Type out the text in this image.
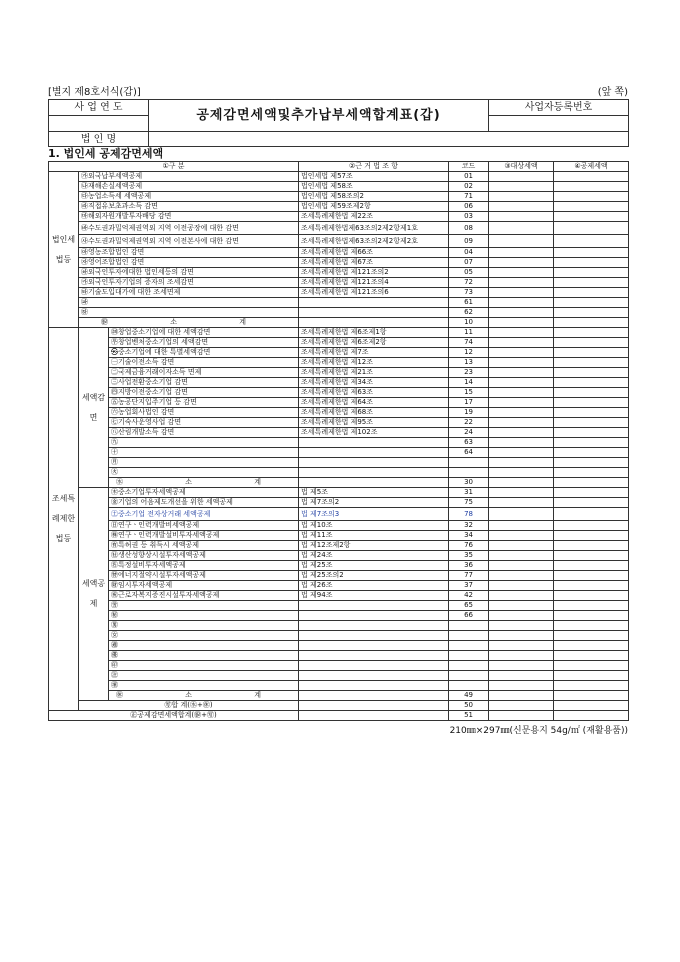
[별지 제8호서식(갑)]	(앞 쪽)
사 업 연 도	공제감면세액및추가납부세액합계표(갑)	사업자등록번호

법 인 명		
1. 법인세 공제감면세액
①구 분			②근 거 법 조 항	코드	③대상세액	④공제세액
법인세법등	㉮외국납부세액공제		법인세법 제57조	01		
	㉯재해손실세액공제		법인세법 제58조	02		
	㉰농업소득세 세액공제		법인세법 제58조의2	71		
	㉱직접유보초과소득 감면		법인세법 제59조제2항	06		
	㉲해외자원개발투자배당 감면		조세특례제한법 제22조	03		
	㉳수도권과밀억제권역외 지역 이전공장에 대한 감면		조세특례제한법제63조의2제2항제1호	08		
	㉴수도권과밀억제권역외 지역 이전본사에 대한 감면		조세특례제한법제63조의2제2항제2호	09		
	㉵영농조합법인 감면		조세특례제한법 제66조	04		
	㉶영어조합법인 감면		조세특례제한법 제67조	07		
	㉷외국인투자에대한 법인세등의 감면		조세특례제한법 제121조의2	05		
	㉸외국인투자기업의 증자의 조세감면		조세특례제한법 제121조의4	72		
	㉹기술도입대가에 대한 조세면제		조세특례제한법 제121조의6	73		
	㉺			61		
	㉻			62		
	㉼ 소 계			10		
조세특례제한법등	세액감면	㉽창업중소기업에 대한 세액감면	조세특례제한법 제6조제1항	11		
		㉾창업벤처중소기업의 세액감면	조세특례제한법 제6조제2항	74		
		㉿중소기업에 대한 특별세액감면	조세특례제한법 제7조	12		
		㊀기술이전소득 감면	조세특례제한법 제12조	13		
		㊁국제금융거래이자소득 면제	조세특례제한법 제21조	23		
		㊂사업전환중소기업 감면	조세특례제한법 제34조	14		
		㊃지방이전중소기업 감면	조세특례제한법 제63조	15		
		㊄농공단지입주기업 등 감면	조세특례제한법 제64조	17		
		㊅농업회사법인 감면	조세특례제한법 제68조	19		
		㊆기숙사운영사업 감면	조세특례제한법 제95조	22		
		㊇산림개발소득 감면	조세특례제한법 제102조	24		
		㊈		63		
		㊉		64		
		㊊				
		㊋				
		㊌ 소 계		30		
	세액공제	㊍중소기업투자세액공제	법 제5조	31		
		㊎기업의 어음제도개선을 위한 세액공제	법 제7조의2	75		
		㊏중소기업 전자상거래 세액공제	법 제7조의3	78		
		㊐연구ㆍ인력개발비세액공제	법 제10조	32		
		㊑연구ㆍ인력개발설비투자세액공제	법 제11조	34		
		㊒특허권 등 취득시 세액공제	법 제12조제2항	76		
		㊓생산성향상시설투자세액공제	법 제24조	35		
		㊔특정설비투자세액공제	법 제25조	36		
		㊕에너지절약시설투자세액공제	법 제25조의2	77		
		㊖임시투자세액공제	법 제26조	37		
		㊗근로자복지증진시설투자세액공제	법 제94조	42		
		㊘		65		
		㊙		66		
		㊚				
		㊛				
		㊜				
		㊝				
		㊞				
		㊟				
		㊠				
		㊡ 소 계		49		
	㊢합 계(㊌+㊡)			50		
㊣공제감면세액합계(㉼+㊢)				51		
210㎜×297㎜(신문용지 54g/㎡ (재활용품))
